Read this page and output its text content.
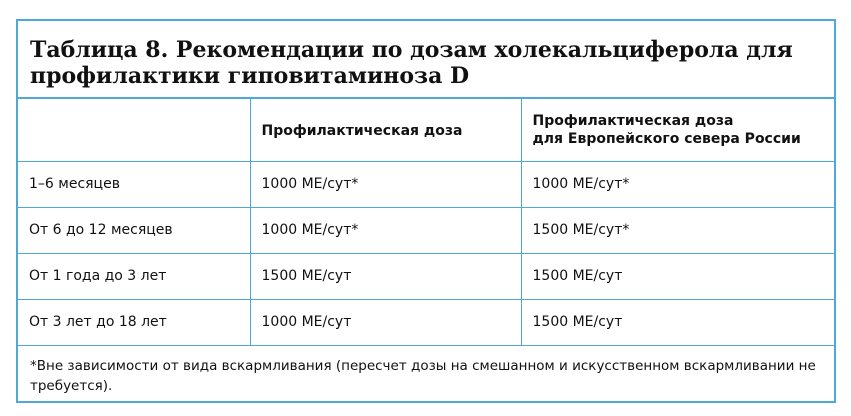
Таблица 8. Рекомендации по дозам холекальциферола для профилактики гиповитаминоза D
	Профилактическая доза	Профилактическая доза
для Европейского севера России

1–6 месяцев	1000 МЕ/сут*	1000 МЕ/сут*
От 6 до 12 месяцев	1000 МЕ/сут*	1500 МЕ/сут*
От 1 года до 3 лет	1500 МЕ/сут	1500 МЕ/сут
От 3 лет до 18 лет	1000 МЕ/сут	1500 МЕ/сут
*Вне зависимости от вида вскармливания (пересчет дозы на смешанном и искусственном вскармливании не требуется).
